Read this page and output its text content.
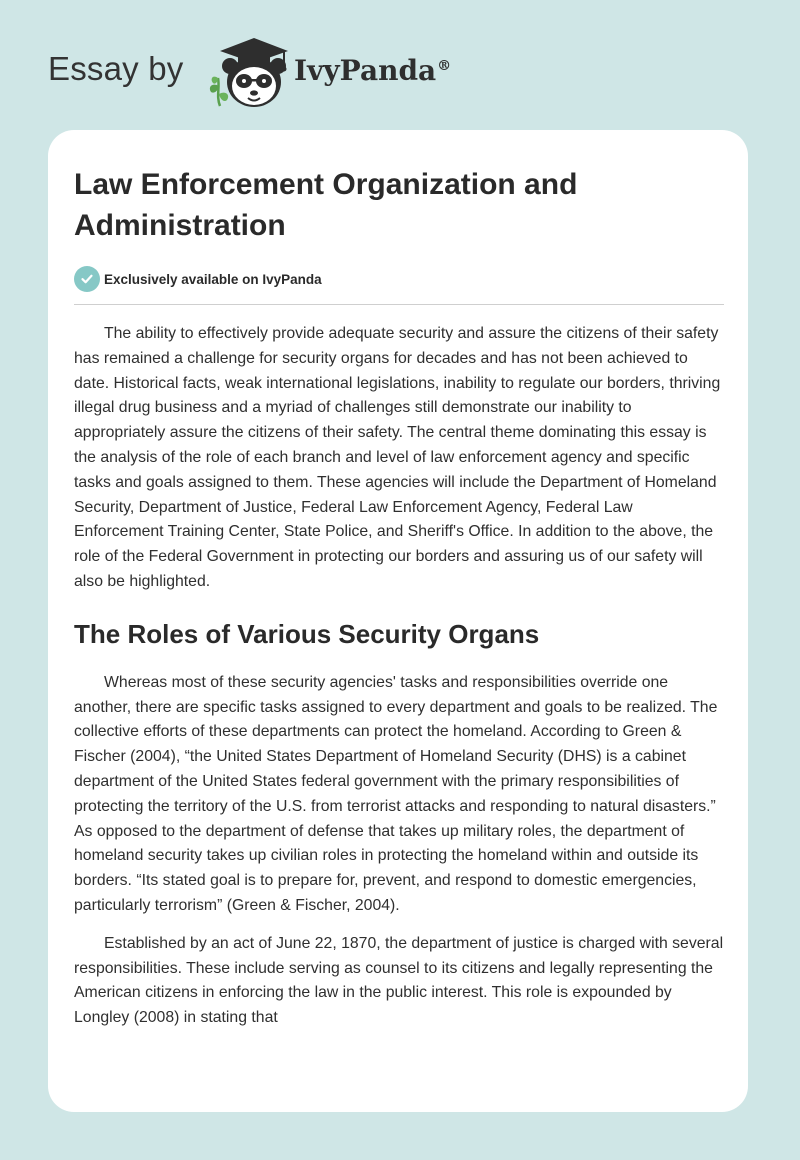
Essay by	IvyPanda®
Law Enforcement Organization and Administration
Exclusively available on IvyPanda

The ability to effectively provide adequate security and assure the citizens of their safety has remained a challenge for security organs for decades and has not been achieved to date. Historical facts, weak international legislations, inability to regulate our borders, thriving illegal drug business and a myriad of challenges still demonstrate our inability to appropriately assure the citizens of their safety. The central theme dominating this essay is the analysis of the role of each branch and level of law enforcement agency and specific tasks and goals assigned to them. These agencies will include the Department of Homeland Security, Department of Justice, Federal Law Enforcement Agency, Federal Law Enforcement Training Center, State Police, and Sheriff's Office. In addition to the above, the role of the Federal Government in protecting our borders and assuring us of our safety will also be highlighted.

The Roles of Various Security Organs

Whereas most of these security agencies' tasks and responsibilities override one another, there are specific tasks assigned to every department and goals to be realized. The collective efforts of these departments can protect the homeland. According to Green & Fischer (2004), “the United States Department of Homeland Security (DHS) is a cabinet department of the United States federal government with the primary responsibilities of protecting the territory of the U.S. from terrorist attacks and responding to natural disasters.” As opposed to the department of defense that takes up military roles, the department of homeland security takes up civilian roles in protecting the homeland within and outside its borders. “Its stated goal is to prepare for, prevent, and respond to domestic emergencies, particularly terrorism” (Green & Fischer, 2004).

Established by an act of June 22, 1870, the department of justice is charged with several responsibilities. These include serving as counsel to its citizens and legally representing the American citizens in enforcing the law in the public interest. This role is expounded by Longley (2008) in stating that
